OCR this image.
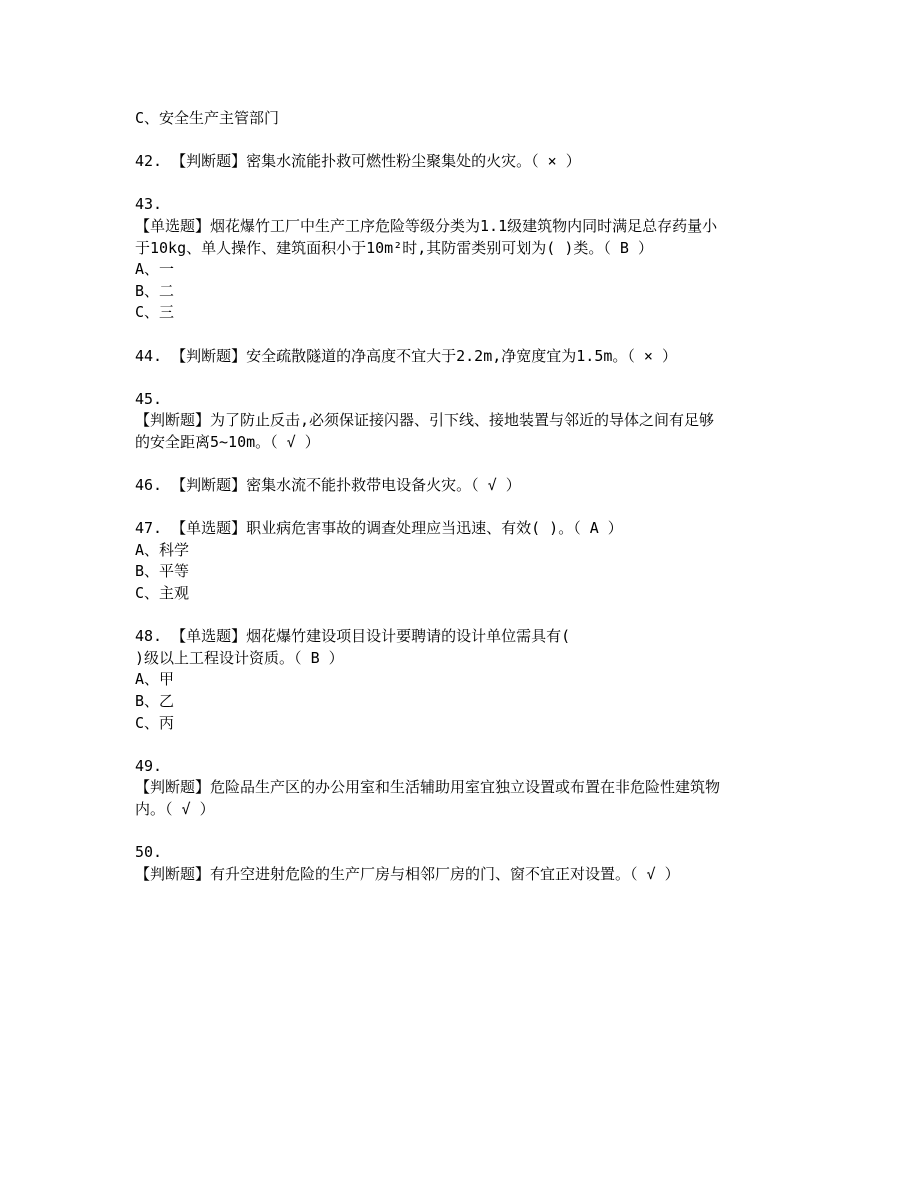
C、安全生产主管部门
42. 【判断题】密集水流能扑救可燃性粉尘聚集处的火灾。（ × ）
43.
【单选题】烟花爆竹工厂中生产工序危险等级分类为1.1级建筑物内同时满足总存药量小
于10kg、单人操作、建筑面积小于10m²时,其防雷类别可划为( )类。（ B ）
A、一
B、二
C、三
44. 【判断题】安全疏散隧道的净高度不宜大于2.2m,净宽度宜为1.5m。（ × ）
45.
【判断题】为了防止反击,必须保证接闪器、引下线、接地装置与邻近的导体之间有足够
的安全距离5~10m。（ √ ）
46. 【判断题】密集水流不能扑救带电设备火灾。（ √ ）
47. 【单选题】职业病危害事故的调查处理应当迅速、有效( )。（ A ）
A、科学
B、平等
C、主观
48. 【单选题】烟花爆竹建设项目设计要聘请的设计单位需具有(
)级以上工程设计资质。（ B ）
A、甲
B、乙
C、丙
49.
【判断题】危险品生产区的办公用室和生活辅助用室宜独立设置或布置在非危险性建筑物
内。（ √ ）
50.
【判断题】有升空进射危险的生产厂房与相邻厂房的门、窗不宜正对设置。（ √ ）
